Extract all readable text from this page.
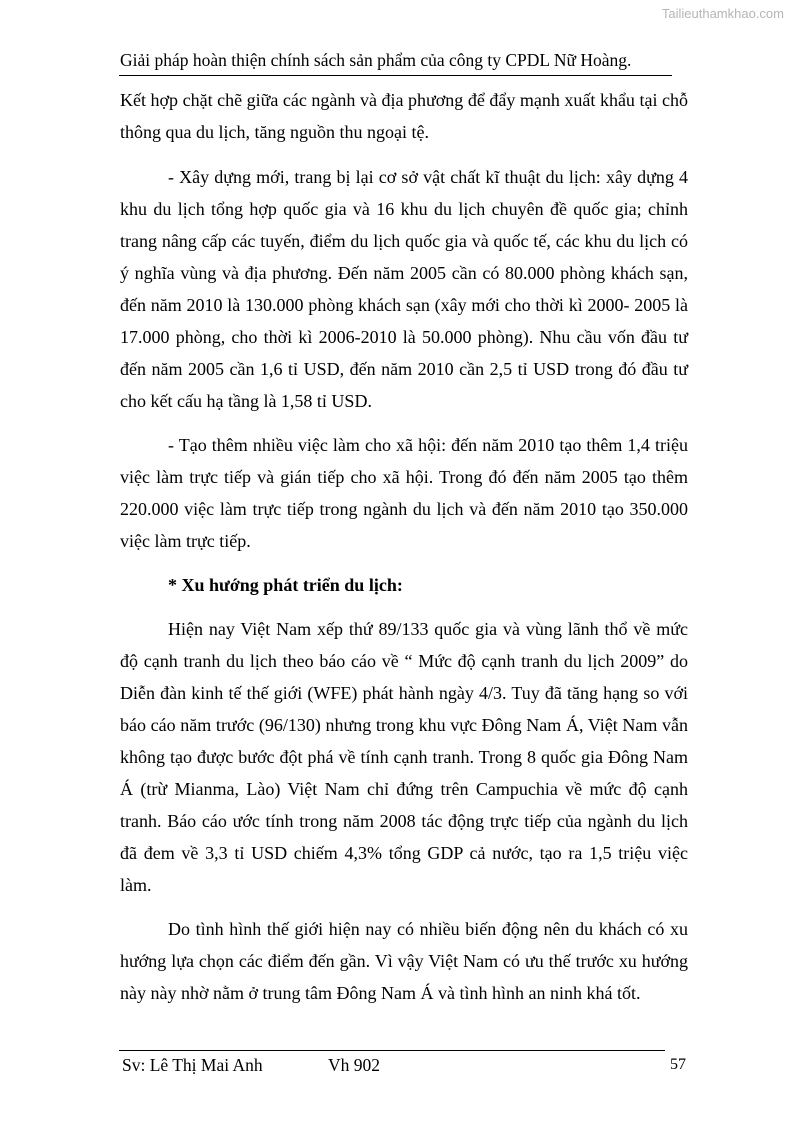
Tailieuthamkhao.com
Giải pháp hoàn thiện chính sách sản phẩm của công ty CPDL Nữ Hoàng.

Kết hợp chặt chẽ giữa các ngành và địa phương để đẩy mạnh xuất khẩu tại chỗ thông qua du lịch, tăng nguồn thu ngoại tệ.

- Xây dựng mới, trang bị lại cơ sở vật chất kĩ thuật du lịch: xây dựng 4 khu du lịch tổng hợp quốc gia và 16 khu du lịch chuyên đề quốc gia; chỉnh trang nâng cấp các tuyến, điểm du lịch quốc gia và quốc tế, các khu du lịch có ý nghĩa vùng và địa phương. Đến năm 2005 cần có 80.000 phòng khách sạn, đến năm 2010 là 130.000 phòng khách sạn (xây mới cho thời kì 2000- 2005 là 17.000 phòng, cho thời kì 2006-2010 là 50.000 phòng). Nhu cầu vốn đầu tư đến năm 2005 cần 1,6 tỉ USD, đến năm 2010 cần 2,5 tỉ USD trong đó đầu tư cho kết cấu hạ tầng là 1,58 tỉ USD.

- Tạo thêm nhiều việc làm cho xã hội: đến năm 2010 tạo thêm 1,4 triệu việc làm trực tiếp và gián tiếp cho xã hội. Trong đó đến năm 2005 tạo thêm 220.000 việc làm trực tiếp trong ngành du lịch và đến năm 2010 tạo 350.000 việc làm trực tiếp.

* Xu hướng phát triển du lịch:

Hiện nay Việt Nam xếp thứ 89/133 quốc gia và vùng lãnh thổ về mức độ cạnh tranh du lịch theo báo cáo về “ Mức độ cạnh tranh du lịch 2009” do Diễn đàn kinh tế thế giới (WFE) phát hành ngày 4/3. Tuy đã tăng hạng so với báo cáo năm trước (96/130) nhưng trong khu vực Đông Nam Á, Việt Nam vẫn không tạo được bước đột phá về tính cạnh tranh. Trong 8 quốc gia Đông Nam Á (trừ Mianma, Lào) Việt Nam chỉ đứng trên Campuchia về mức độ cạnh tranh. Báo cáo ước tính trong năm 2008 tác động trực tiếp của ngành du lịch đã đem về 3,3 tỉ USD chiếm 4,3% tổng GDP cả nước, tạo ra 1,5 triệu việc làm.

Do tình hình thế giới hiện nay có nhiều biến động nên du khách có xu hướng lựa chọn các điểm đến gần. Vì vậy Việt Nam có ưu thế trước xu hướng này này nhờ nằm ở trung tâm Đông Nam Á và tình hình an ninh khá tốt.

Sv: Lê Thị Mai Anh	Vh 902	57
